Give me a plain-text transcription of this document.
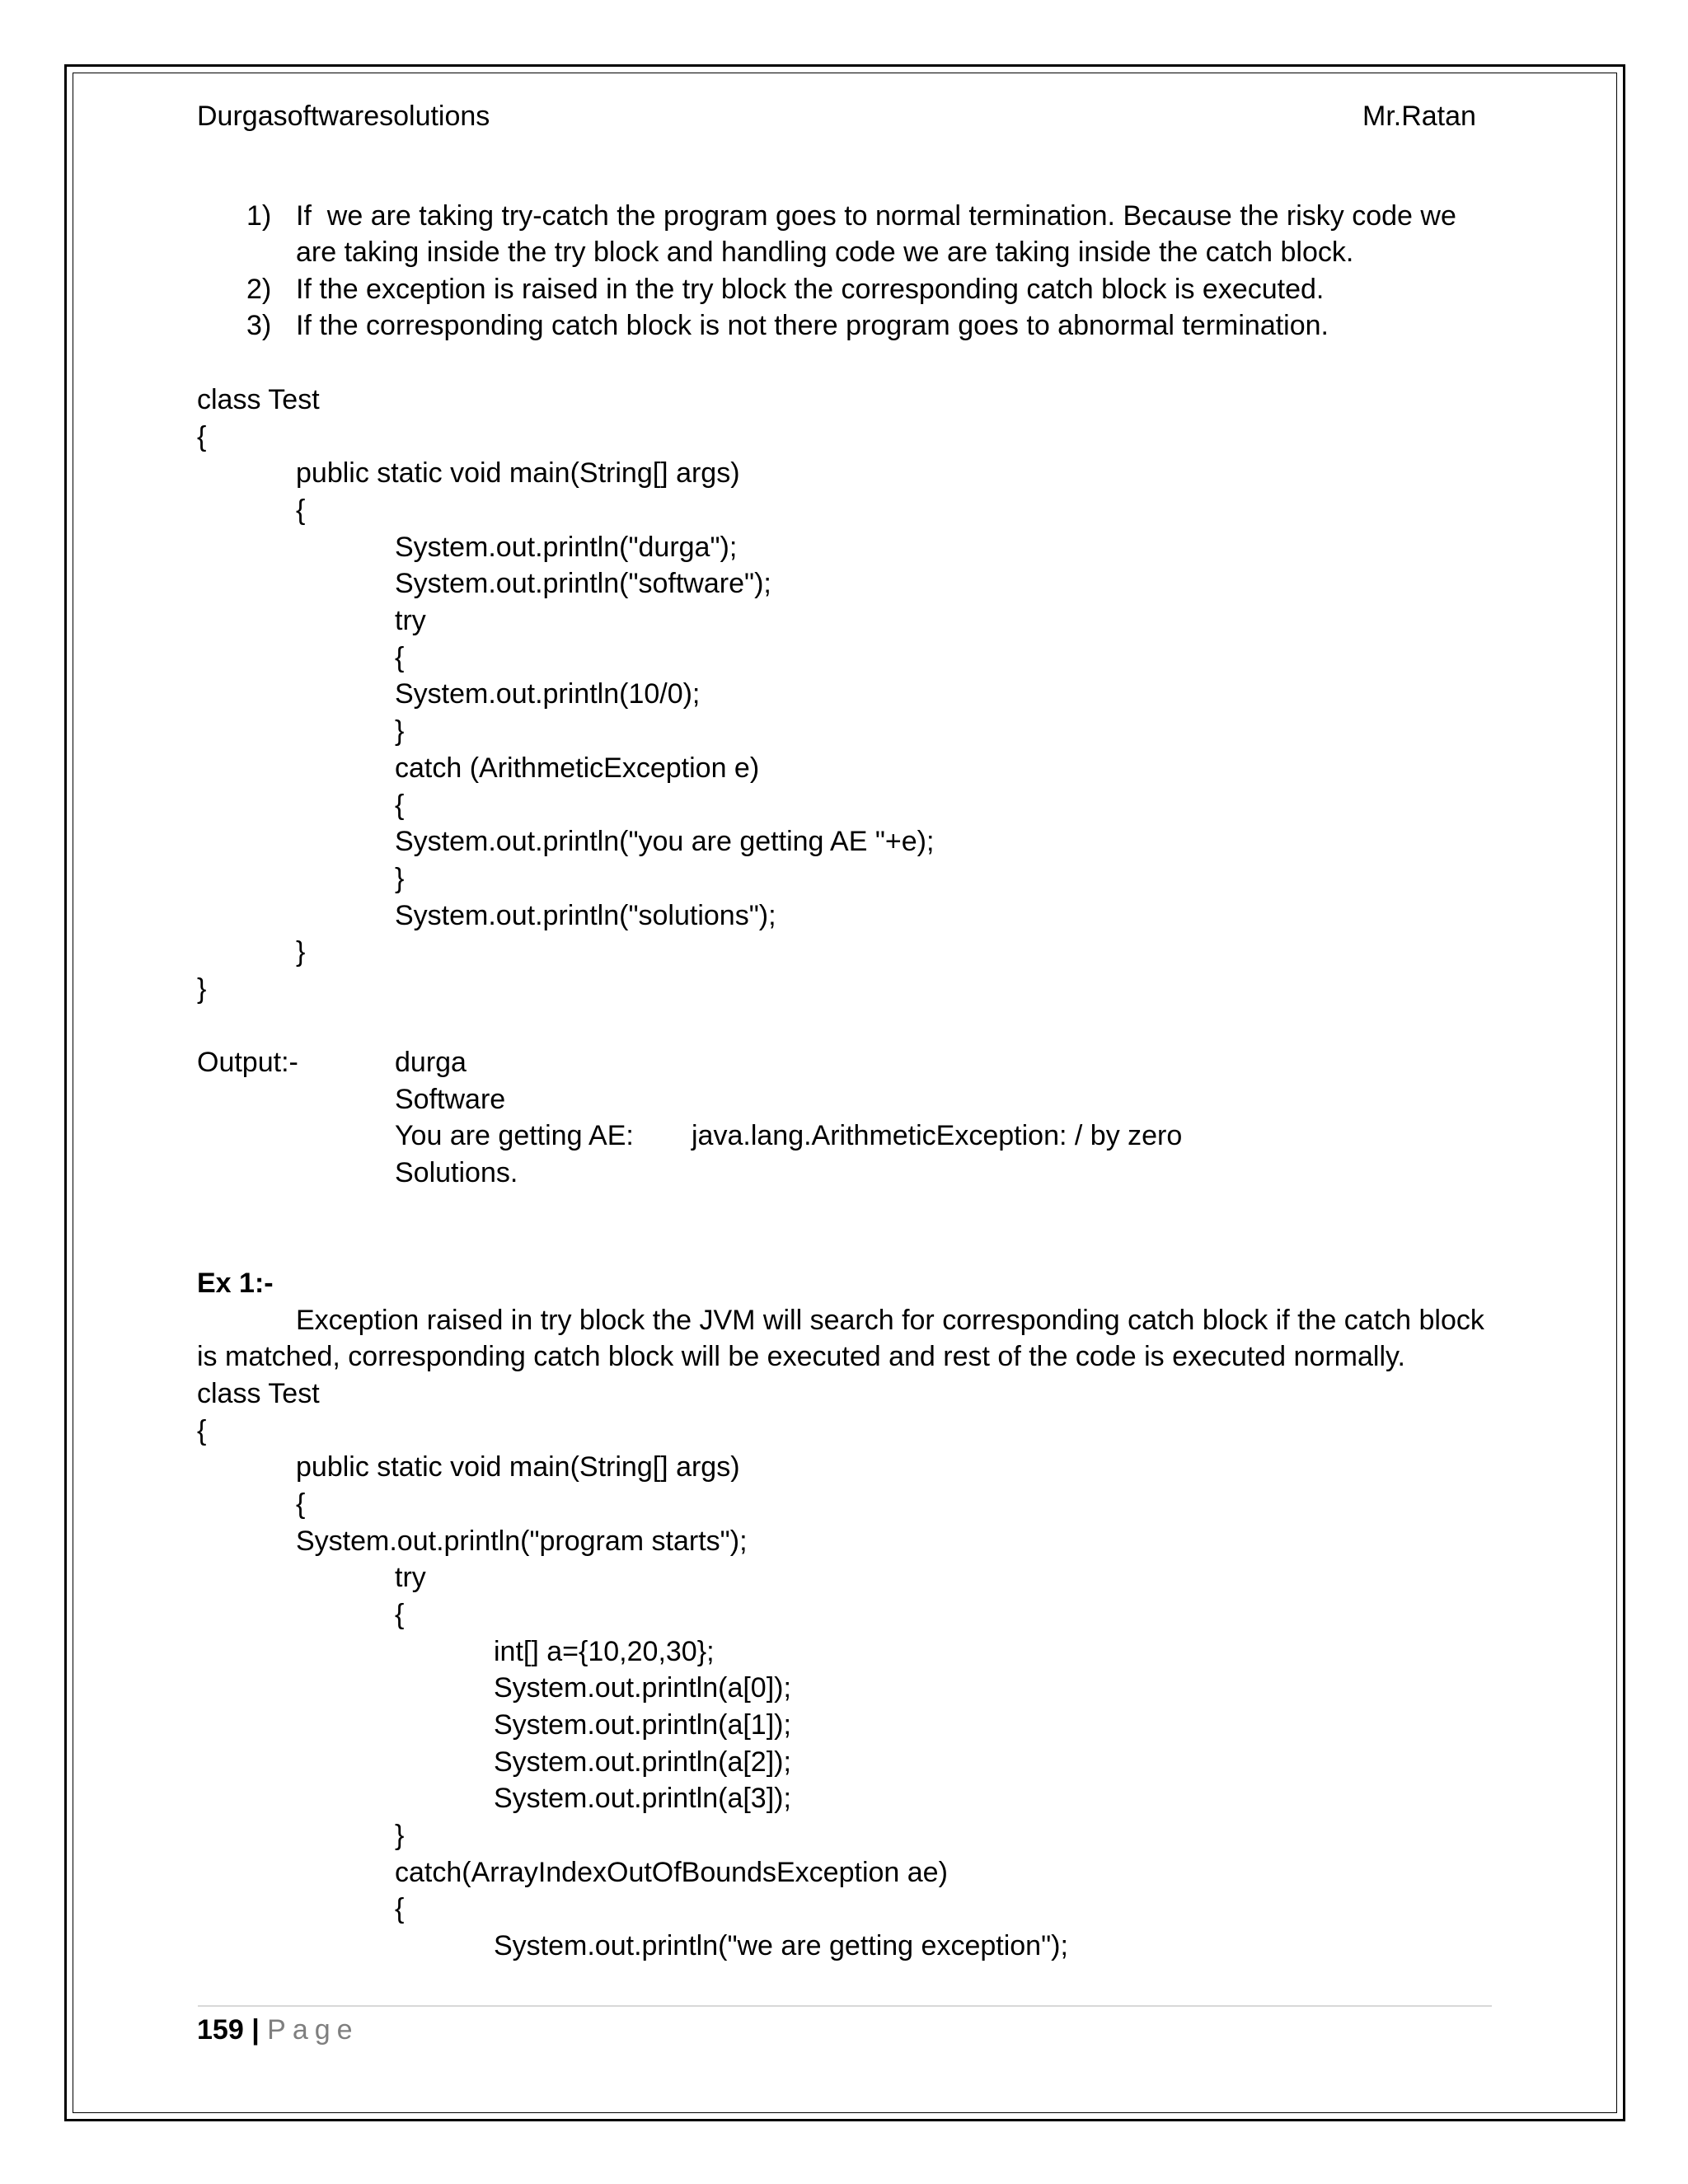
Durgasoftwaresolutions	Mr.Ratan
1) If  we are taking try-catch the program goes to normal termination. Because the risky code we
are taking inside the try block and handling code we are taking inside the catch block.
2) If the exception is raised in the try block the corresponding catch block is executed.
3) If the corresponding catch block is not there program goes to abnormal termination.
class Test
{
public static void main(String[] args)
{
System.out.println("durga");
System.out.println("software");
try
{
System.out.println(10/0);
}
catch (ArithmeticException e)
{
System.out.println("you are getting AE "+e);
}
System.out.println("solutions");
}
}
Output:-	durga
Software
You are getting AE: java.lang.ArithmeticException: / by zero
Solutions.
Ex 1:-
Exception raised in try block the JVM will search for corresponding catch block if the catch block
is matched, corresponding catch block will be executed and rest of the code is executed normally.
class Test
{
public static void main(String[] args)
{
System.out.println("program starts");
try
{
int[] a={10,20,30};
System.out.println(a[0]);
System.out.println(a[1]);
System.out.println(a[2]);
System.out.println(a[3]);
}
catch(ArrayIndexOutOfBoundsException ae)
{
System.out.println("we are getting exception");
159 | Page
